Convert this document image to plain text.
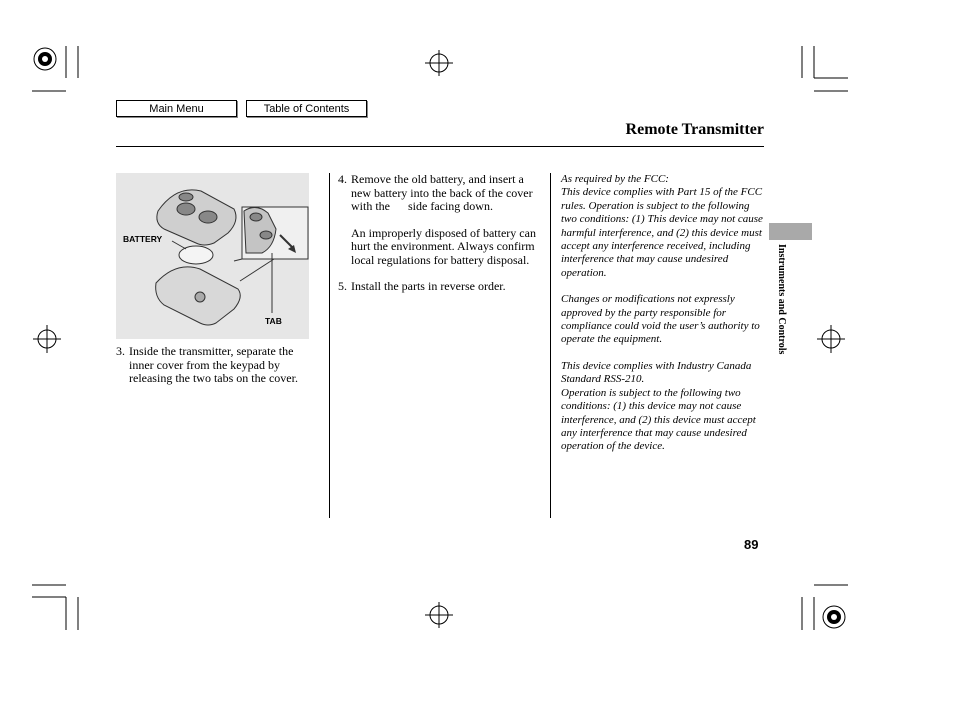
Main Menu	Table of Contents
Remote Transmitter
BATTERY
TAB
3. Inside the transmitter, separate the inner cover from the keypad by releasing the two tabs on the cover.
4. Remove the old battery, and insert a new battery into the back of the cover with the      side facing down.
An improperly disposed of battery can hurt the environment. Always confirm local regulations for battery disposal.
5. Install the parts in reverse order.

As required by the FCC:
This device complies with Part 15 of the FCC rules. Operation is subject to the following two conditions: (1) This device may not cause harmful interference, and (2) this device must accept any interference received, including interference that may cause undesired operation.

Changes or modifications not expressly approved by the party responsible for compliance could void the user’s authority to operate the equipment.

This device complies with Industry Canada Standard RSS-210.
Operation is subject to the following two conditions: (1) this device may not cause interference, and (2) this device must accept any interference that may cause undesired operation of the device.

Instruments and Controls
89
